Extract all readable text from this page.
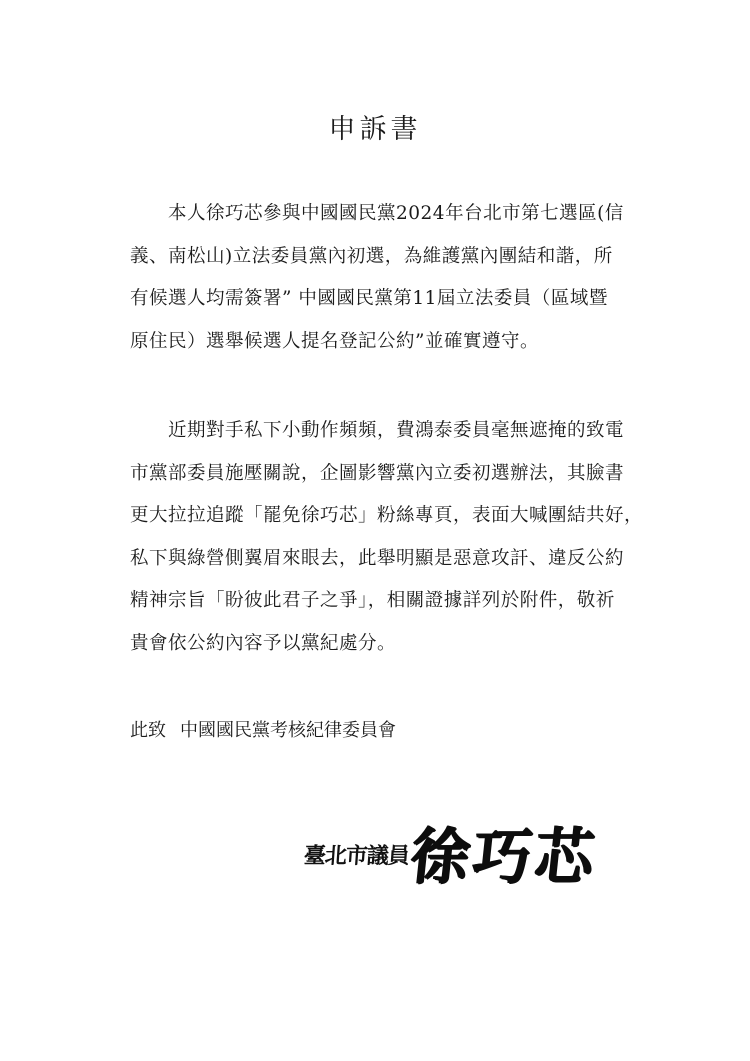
申訴書
本人徐巧芯參與中國國民黨2024年台北市第七選區(信
義、南松山)立法委員黨內初選，為維護黨內團結和諧，所
有候選人均需簽署” 中國國民黨第11屆立法委員（區域暨
原住民）選舉候選人提名登記公約”並確實遵守。
近期對手私下小動作頻頻，費鴻泰委員毫無遮掩的致電
市黨部委員施壓關說，企圖影響黨內立委初選辦法，其臉書
更大拉拉追蹤「罷免徐巧芯」粉絲專頁，表面大喊團結共好，
私下與綠營側翼眉來眼去，此舉明顯是惡意攻訐、違反公約
精神宗旨「盼彼此君子之爭」，相關證據詳列於附件，敬祈
貴會依公約內容予以黨紀處分。
此致 中國國民黨考核紀律委員會
臺北市議員
徐巧芯
